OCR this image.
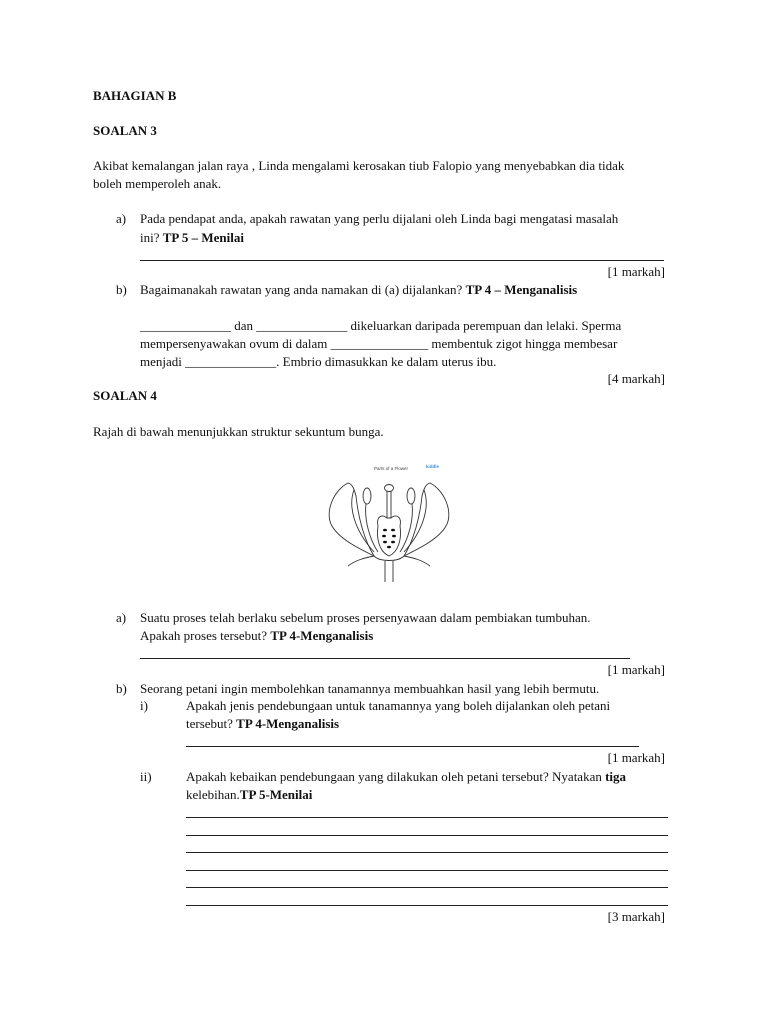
BAHAGIAN B
SOALAN 3
Akibat kemalangan jalan raya , Linda mengalami kerosakan tiub Falopio yang menyebabkan dia tidak
boleh memperoleh anak.
a) Pada pendapat anda, apakah rawatan yang perlu dijalani oleh Linda bagi mengatasi masalah
ini? TP 5 – Menilai
[1 markah]
b) Bagaimanakah rawatan yang anda namakan di (a) dijalankan? TP 4 – Menganalisis
______________ dan ______________ dikeluarkan daripada perempuan dan lelaki. Sperma
mempersenyawakan ovum di dalam _______________ membentuk zigot hingga membesar
menjadi ______________. Embrio dimasukkan ke dalam uterus ibu.
[4 markah]
SOALAN 4
Rajah di bawah menunjukkan struktur sekuntum bunga.
Parts of a Flower	kiddle
a) Suatu proses telah berlaku sebelum proses persenyawaan dalam pembiakan tumbuhan.
Apakah proses tersebut? TP 4-Menganalisis
[1 markah]
b) Seorang petani ingin membolehkan tanamannya membuahkan hasil yang lebih bermutu.
i)	Apakah jenis pendebungaan untuk tanamannya yang boleh dijalankan oleh petani
tersebut? TP 4-Menganalisis
[1 markah]
ii)	Apakah kebaikan pendebungaan yang dilakukan oleh petani tersebut? Nyatakan tiga
kelebihan.TP 5-Menilai
[3 markah]
